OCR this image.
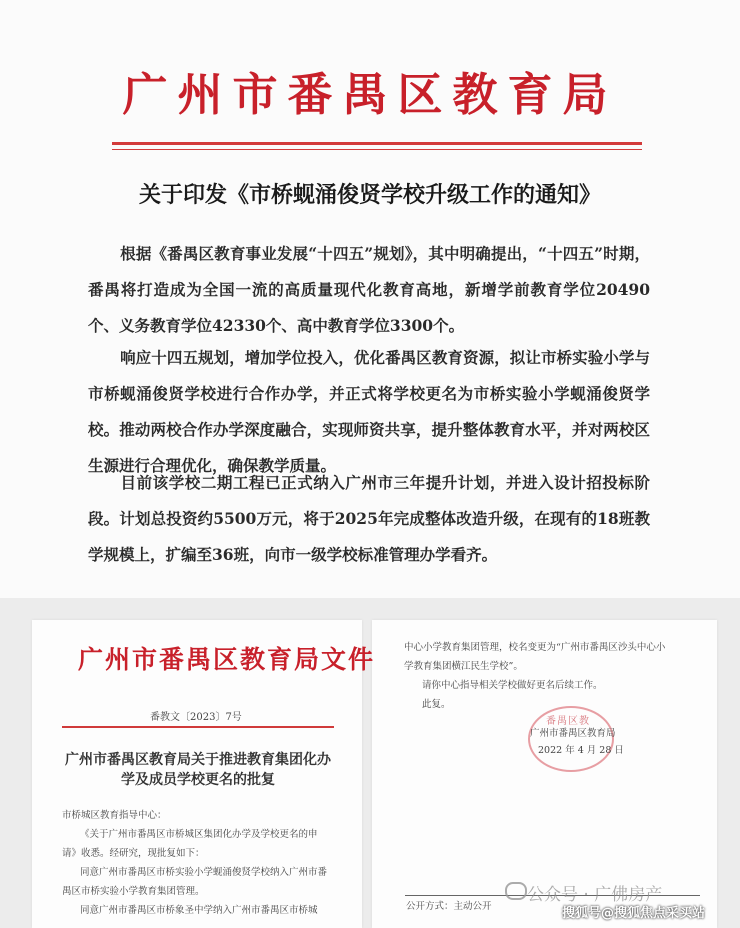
广州市番禺区教育局
关于印发《市桥蚬涌俊贤学校升级工作的通知》
根据《番禺区教育事业发展“十四五”规划》，其中明确提出，“十四五”时期，番禺将打造成为全国一流的高质量现代化教育高地，新增学前教育学位20490个、义务教育学位42330个、高中教育学位3300个。
响应十四五规划，增加学位投入，优化番禺区教育资源，拟让市桥实验小学与市桥蚬涌俊贤学校进行合作办学，并正式将学校更名为市桥实验小学蚬涌俊贤学校。推动两校合作办学深度融合，实现师资共享，提升整体教育水平，并对两校区生源进行合理优化，确保教学质量。
目前该学校二期工程已正式纳入广州市三年提升计划，并进入设计招投标阶段。计划总投资约5500万元，将于2025年完成整体改造升级，在现有的18班教学规模上，扩编至36班，向市一级学校标准管理办学看齐。
广州市番禺区教育局文件
番教文〔2023〕7号
广州市番禺区教育局关于推进教育集团化办学及成员学校更名的批复
市桥城区教育指导中心：
《关于广州市番禺区市桥城区集团化办学及学校更名的申
请》收悉。经研究，现批复如下：
同意广州市番禺区市桥实验小学蚬涌俊贤学校纳入广州市番
禺区市桥实验小学教育集团管理。
同意广州市番禺区市桥象圣中学纳入广州市番禺区市桥城
中心小学教育集团管理，校名变更为“广州市番禺区沙头中心小
学教育集团横江民生学校”。
请你中心指导相关学校做好更名后续工作。
此复。
番禺区教
广州市番禺区教育局
2022 年 4 月 28 日
公开方式：主动公开
公众号 · 广佛房产
搜狐号@搜狐焦点采买站
